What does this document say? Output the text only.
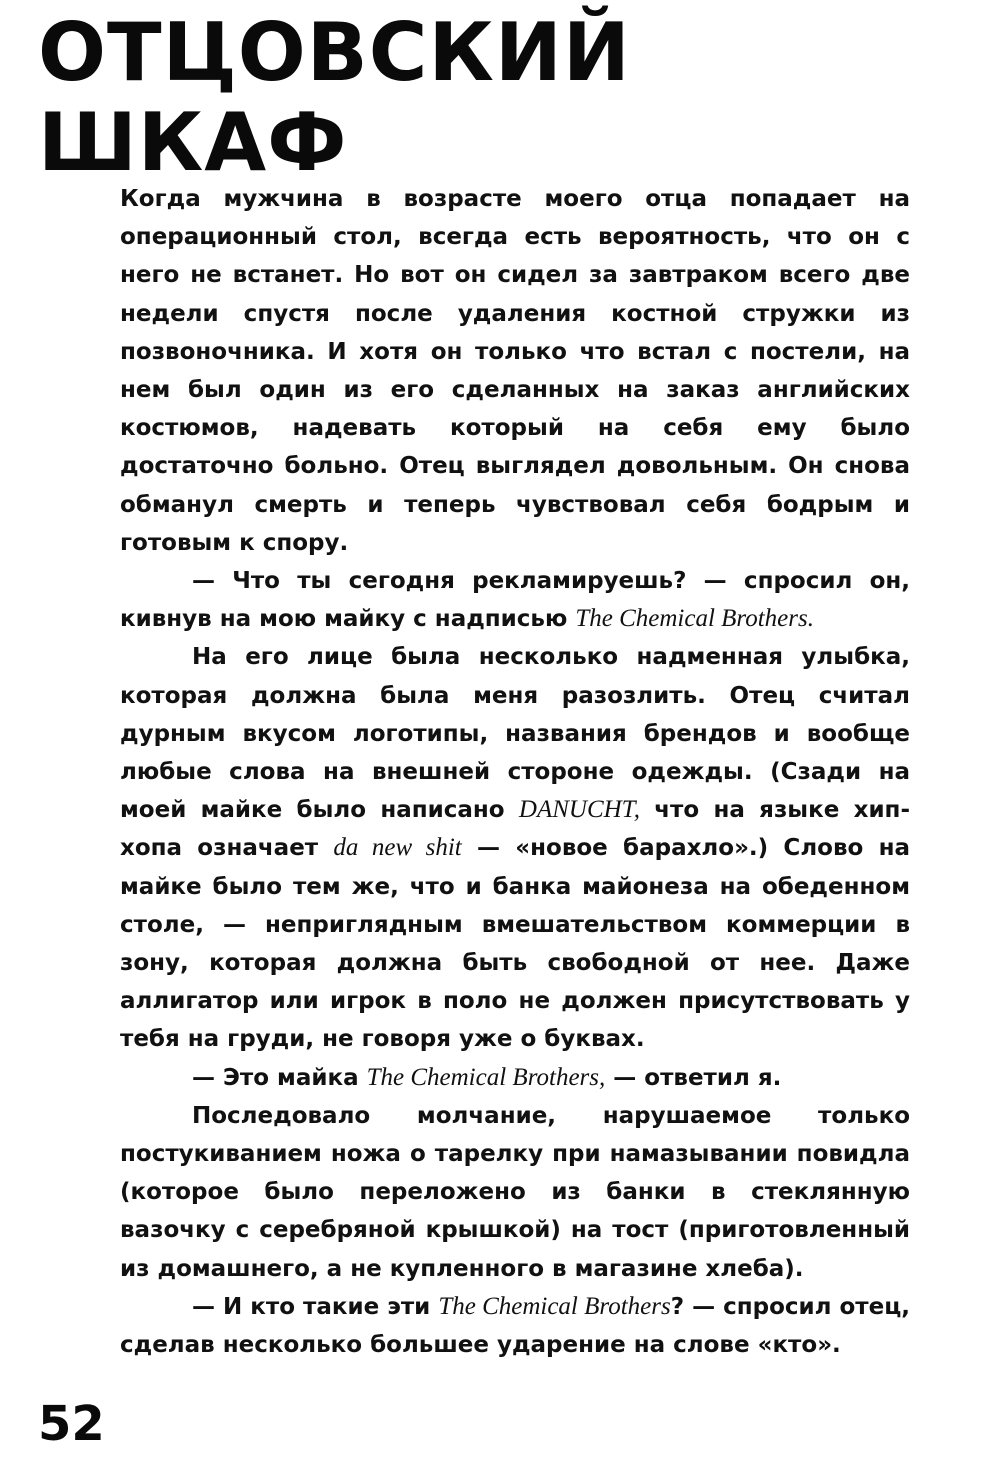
ОТЦОВСКИЙ
ШКАФ

Когда мужчина в возрасте моего отца попадает на операционный стол, всегда есть вероятность, что он с него не встанет. Но вот он сидел за завтраком всего две недели спустя после удаления костной стружки из позвоночника. И хотя он только что встал с постели, на нем был один из его сделанных на заказ английских костюмов, надевать который на себя ему было достаточно больно. Отец выглядел довольным. Он снова обманул смерть и теперь чувствовал себя бодрым и готовым к спору.

— Что ты сегодня рекламируешь? — спросил он, кивнув на мою майку с надписью The Chemical Brothers.

На его лице была несколько надменная улыбка, которая должна была меня разозлить. Отец считал дурным вкусом логотипы, названия брендов и вообще любые слова на внешней стороне одежды. (Сзади на моей майке было написано DANUCHT, что на языке хип-хопа означает da new shit — «новое барахло».) Слово на майке было тем же, что и банка майонеза на обеденном столе, — неприглядным вмешательством коммерции в зону, которая должна быть свободной от нее. Даже аллигатор или игрок в поло не должен присутствовать у тебя на груди, не говоря уже о буквах.

— Это майка The Chemical Brothers, — ответил я.

Последовало молчание, нарушаемое только постукиванием ножа о тарелку при намазывании повидла (которое было переложено из банки в стеклянную вазочку с серебряной крышкой) на тост (приготовленный из домашнего, а не купленного в магазине хлеба).

— И кто такие эти The Chemical Brothers? — спросил отец, сделав несколько большее ударение на слове «кто».

52
